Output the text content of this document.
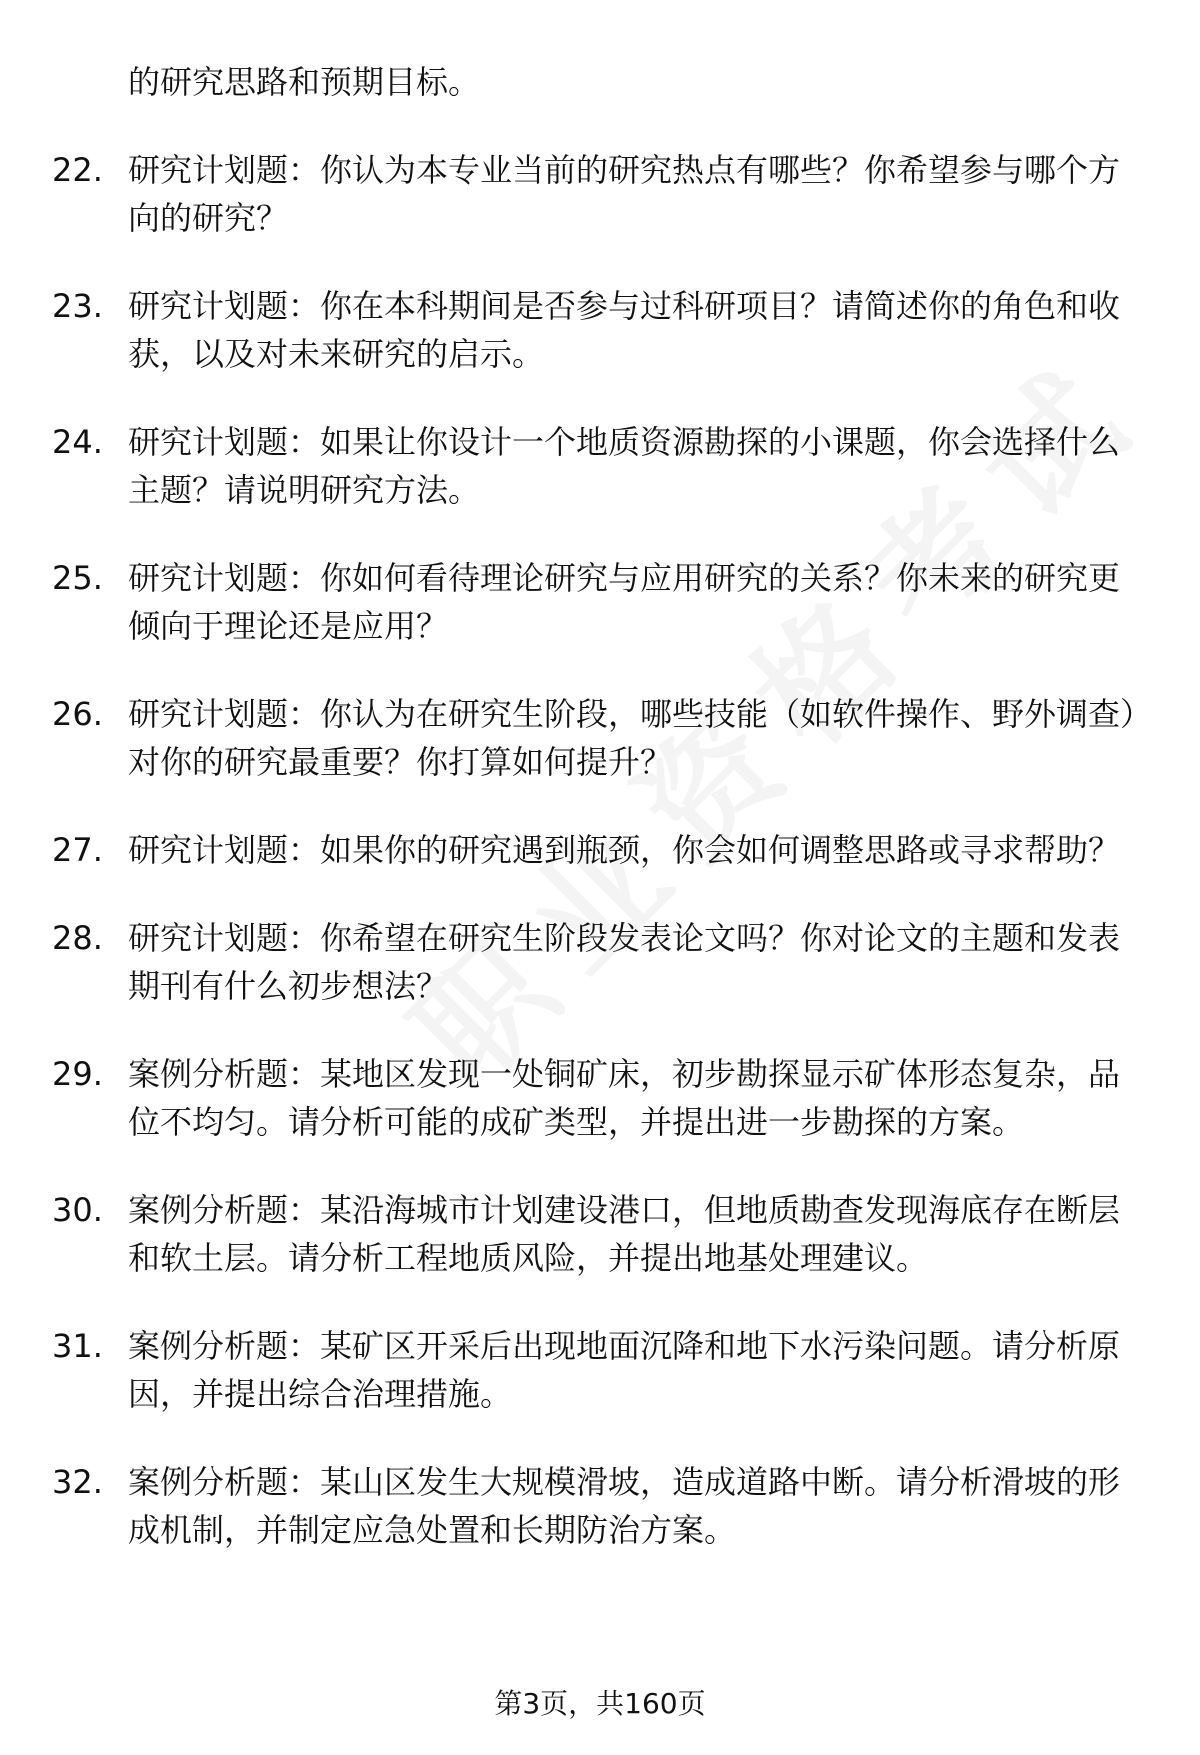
的研究思路和预期目标。
22. 研究计划题：你认为本专业当前的研究热点有哪些？你希望参与哪个方向的研究？
23. 研究计划题：你在本科期间是否参与过科研项目？请简述你的角色和收获，以及对未来研究的启示。
24. 研究计划题：如果让你设计一个地质资源勘探的小课题，你会选择什么主题？请说明研究方法。
25. 研究计划题：你如何看待理论研究与应用研究的关系？你未来的研究更倾向于理论还是应用？
26. 研究计划题：你认为在研究生阶段，哪些技能（如软件操作、野外调查）对你的研究最重要？你打算如何提升？
27. 研究计划题：如果你的研究遇到瓶颈，你会如何调整思路或寻求帮助？
28. 研究计划题：你希望在研究生阶段发表论文吗？你对论文的主题和发表期刊有什么初步想法？
29. 案例分析题：某地区发现一处铜矿床，初步勘探显示矿体形态复杂，品位不均匀。请分析可能的成矿类型，并提出进一步勘探的方案。
30. 案例分析题：某沿海城市计划建设港口，但地质勘查发现海底存在断层和软土层。请分析工程地质风险，并提出地基处理建议。
31. 案例分析题：某矿区开采后出现地面沉降和地下水污染问题。请分析原因，并提出综合治理措施。
32. 案例分析题：某山区发生大规模滑坡，造成道路中断。请分析滑坡的形成机制，并制定应急处置和长期防治方案。
第3页，共160页
